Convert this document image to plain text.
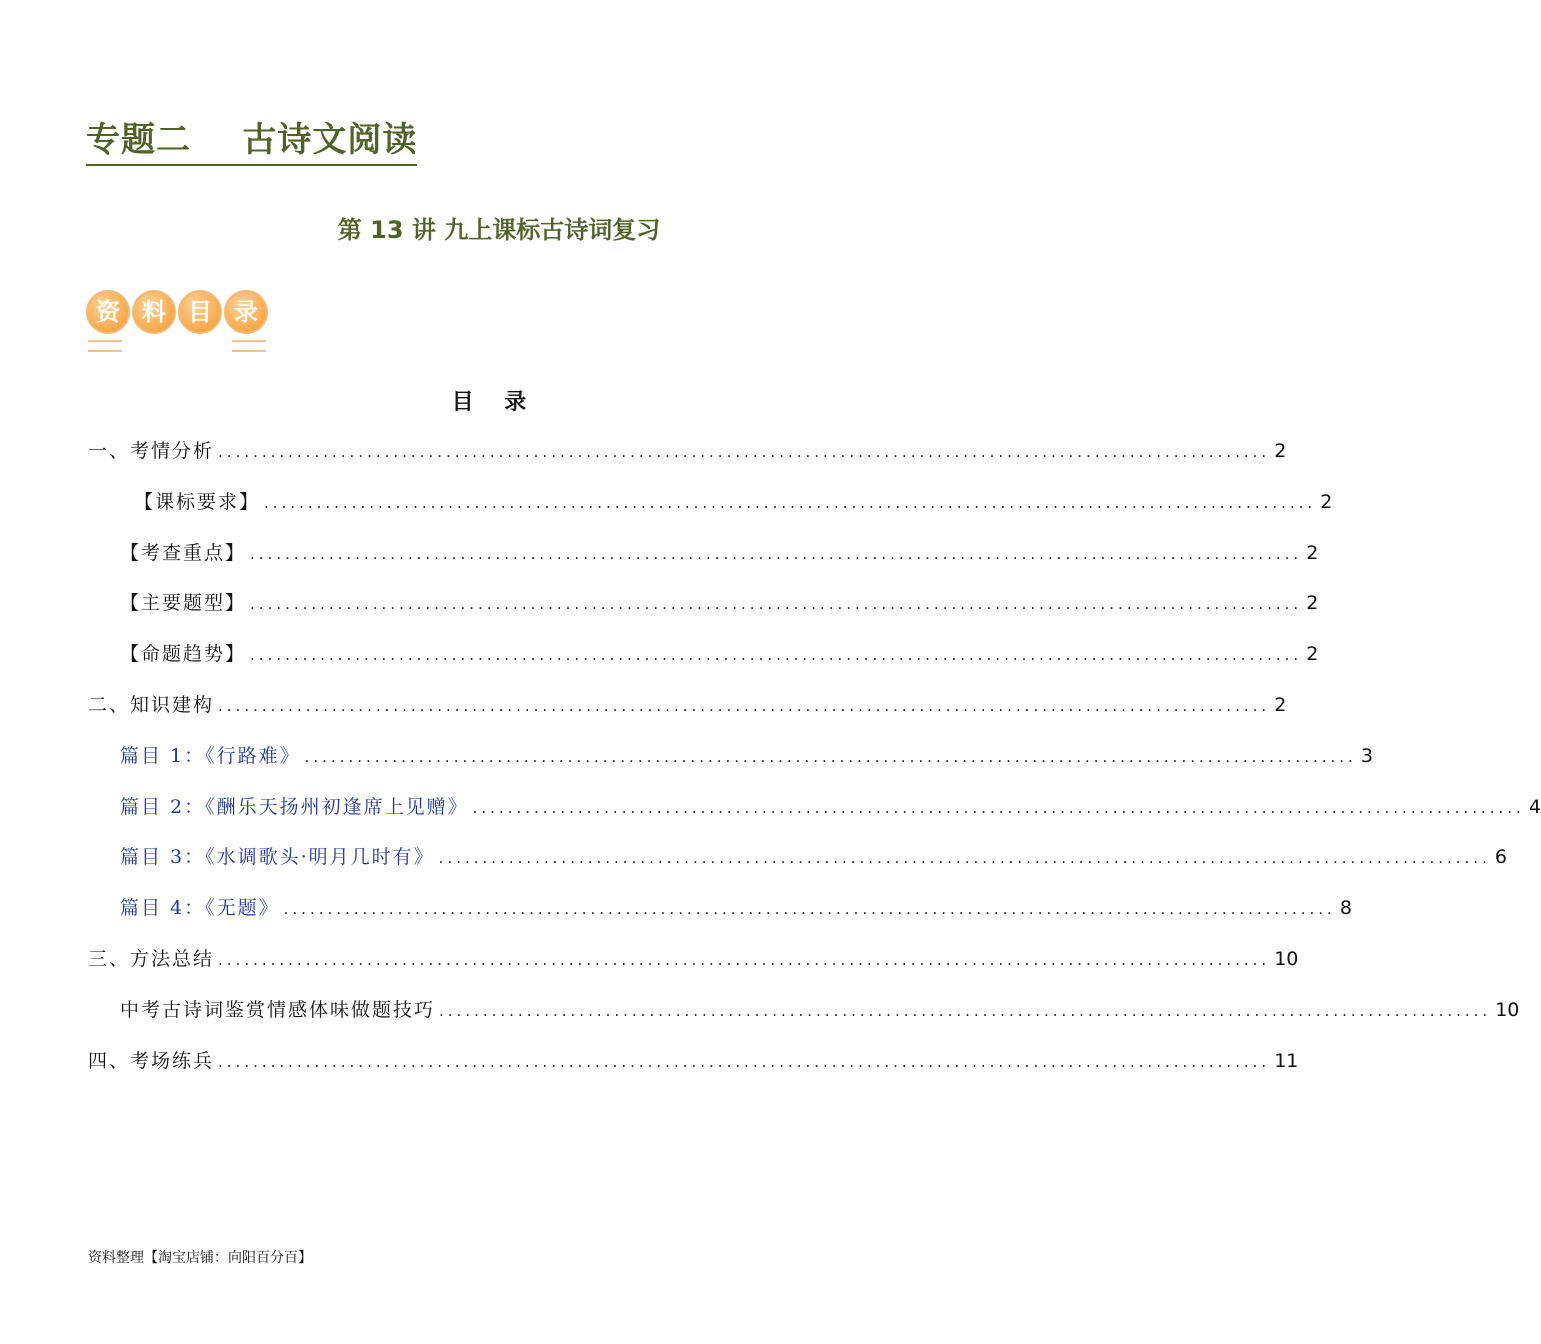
专题二    古诗文阅读
第 13 讲 九上课标古诗词复习
资 料 目 录
目    录
一、考情分析 ........................................................................................................................ 2
【课标要求】 ........................................................................................................................ 2
【考查重点】 ........................................................................................................................ 2
【主要题型】 ........................................................................................................................ 2
【命题趋势】 ........................................................................................................................ 2
二、知识建构 ........................................................................................................................ 2
篇目 1：《行路难》 ........................................................................................................................ 3
篇目 2：《酬乐天扬州初逢席上见赠》 ........................................................................................................................ 4
篇目 3：《水调歌头·明月几时有》 ........................................................................................................................ 6
篇目 4：《无题》 ........................................................................................................................ 8
三、方法总结 ........................................................................................................................ 10
中考古诗词鉴赏情感体味做题技巧 ........................................................................................................................ 10
四、考场练兵 ........................................................................................................................ 11
资料整理【淘宝店铺：向阳百分百】
